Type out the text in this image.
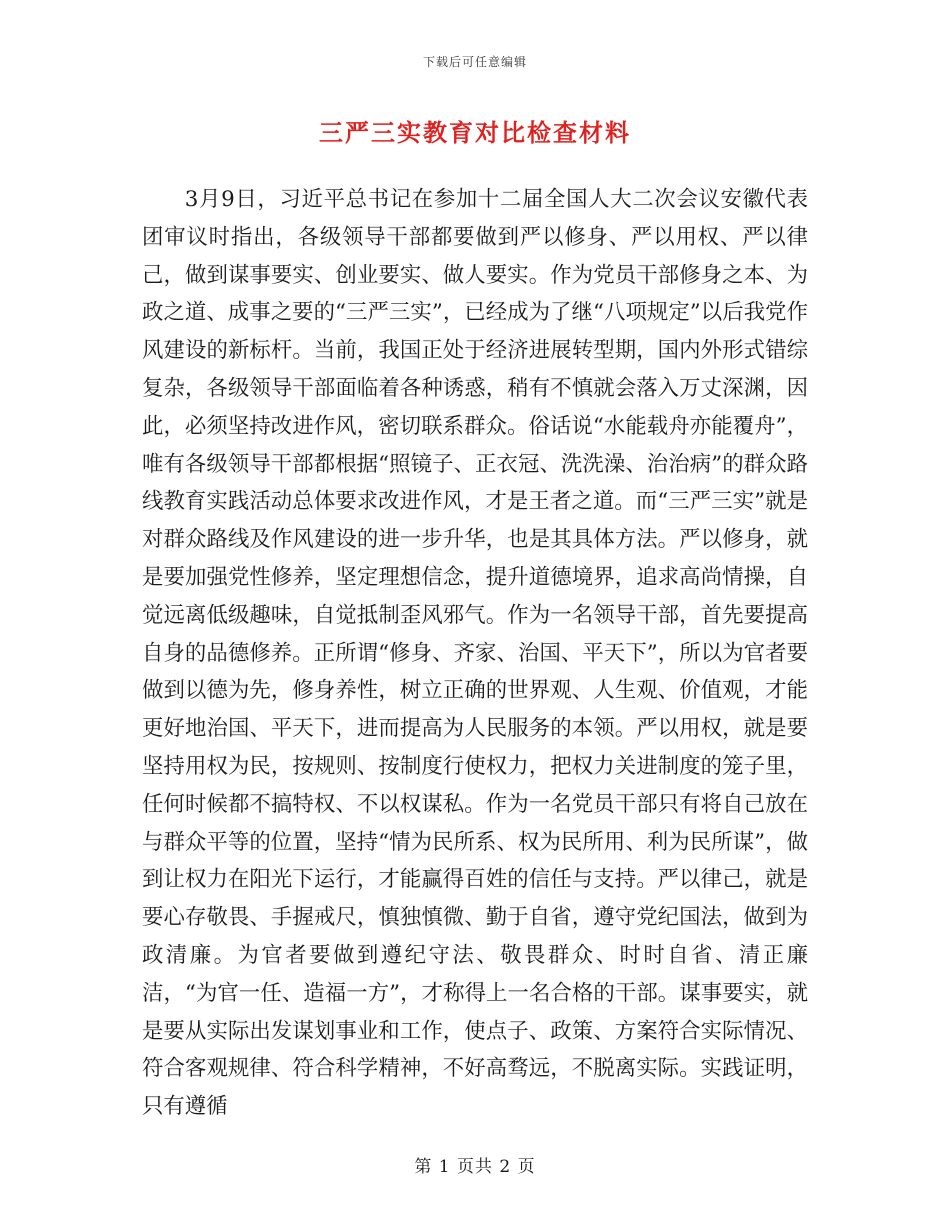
下载后可任意编辑
三严三实教育对比检查材料

3月9日，习近平总书记在参加十二届全国人大二次会议安徽代表团审议时指出，各级领导干部都要做到严以修身、严以用权、严以律己，做到谋事要实、创业要实、做人要实。作为党员干部修身之本、为政之道、成事之要的“三严三实”，已经成为了继“八项规定”以后我党作风建设的新标杆。当前，我国正处于经济进展转型期，国内外形式错综复杂，各级领导干部面临着各种诱惑，稍有不慎就会落入万丈深渊，因此，必须坚持改进作风，密切联系群众。俗话说“水能载舟亦能覆舟”，唯有各级领导干部都根据“照镜子、正衣冠、洗洗澡、治治病”的群众路线教育实践活动总体要求改进作风，才是王者之道。而“三严三实”就是对群众路线及作风建设的进一步升华，也是其具体方法。严以修身，就是要加强党性修养，坚定理想信念，提升道德境界，追求高尚情操，自觉远离低级趣味，自觉抵制歪风邪气。作为一名领导干部，首先要提高自身的品德修养。正所谓“修身、齐家、治国、平天下”，所以为官者要做到以德为先，修身养性，树立正确的世界观、人生观、价值观，才能更好地治国、平天下，进而提高为人民服务的本领。严以用权，就是要坚持用权为民，按规则、按制度行使权力，把权力关进制度的笼子里，任何时候都不搞特权、不以权谋私。作为一名党员干部只有将自己放在与群众平等的位置，坚持“情为民所系、权为民所用、利为民所谋”，做到让权力在阳光下运行，才能赢得百姓的信任与支持。严以律己，就是要心存敬畏、手握戒尺，慎独慎微、勤于自省，遵守党纪国法，做到为政清廉。为官者要做到遵纪守法、敬畏群众、时时自省、清正廉洁，“为官一任、造福一方”，才称得上一名合格的干部。谋事要实，就是要从实际出发谋划事业和工作，使点子、政策、方案符合实际情况、符合客观规律、符合科学精神，不好高骛远，不脱离实际。实践证明，只有遵循

第 1 页共 2 页
